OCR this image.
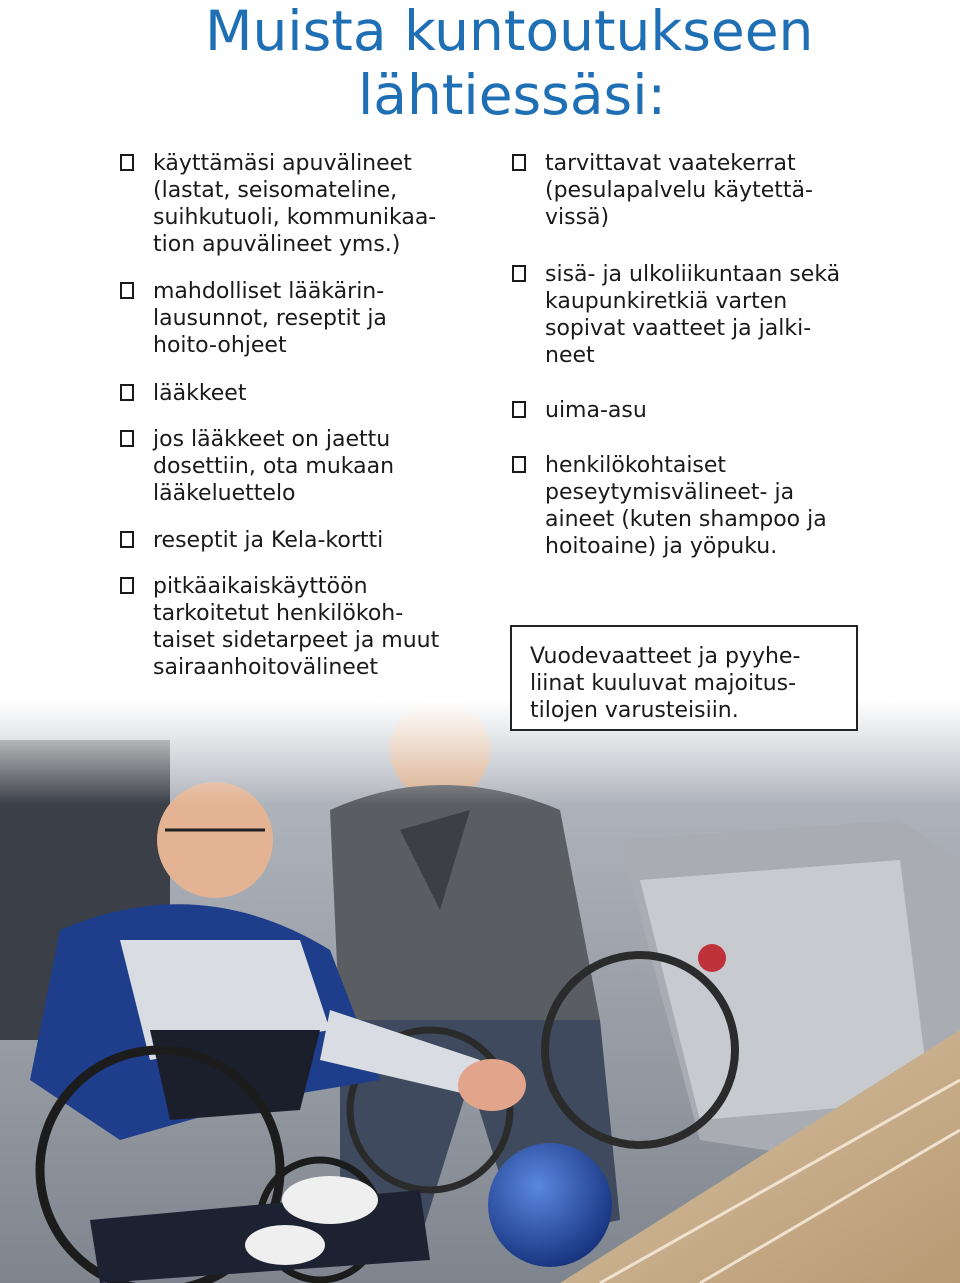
Muista kuntoutukseen
lähtiessäsi:
käyttämäsi apuvälineet
(lastat, seisomateline,
suihkutuoli, kommunikaa-
tion apuvälineet yms.)
mahdolliset lääkärin-
lausunnot, reseptit ja
hoito-ohjeet
lääkkeet
jos lääkkeet on jaettu
dosettiin, ota mukaan
lääkeluettelo
reseptit ja Kela-kortti
pitkäaikaiskäyttöön
tarkoitetut henkilökoh-
taiset sidetarpeet ja muut
sairaanhoitovälineet
tarvittavat vaatekerrat
(pesulapalvelu käytettä-
vissä)
sisä- ja ulkoliikuntaan sekä
kaupunkiretkiä varten
sopivat vaatteet ja jalki-
neet
uima-asu
henkilökohtaiset
peseytymisvälineet- ja
aineet (kuten shampoo ja
hoitoaine) ja yöpuku.
Vuodevaatteet ja pyyhe-
liinat kuuluvat majoitus-
tilojen varusteisiin.
